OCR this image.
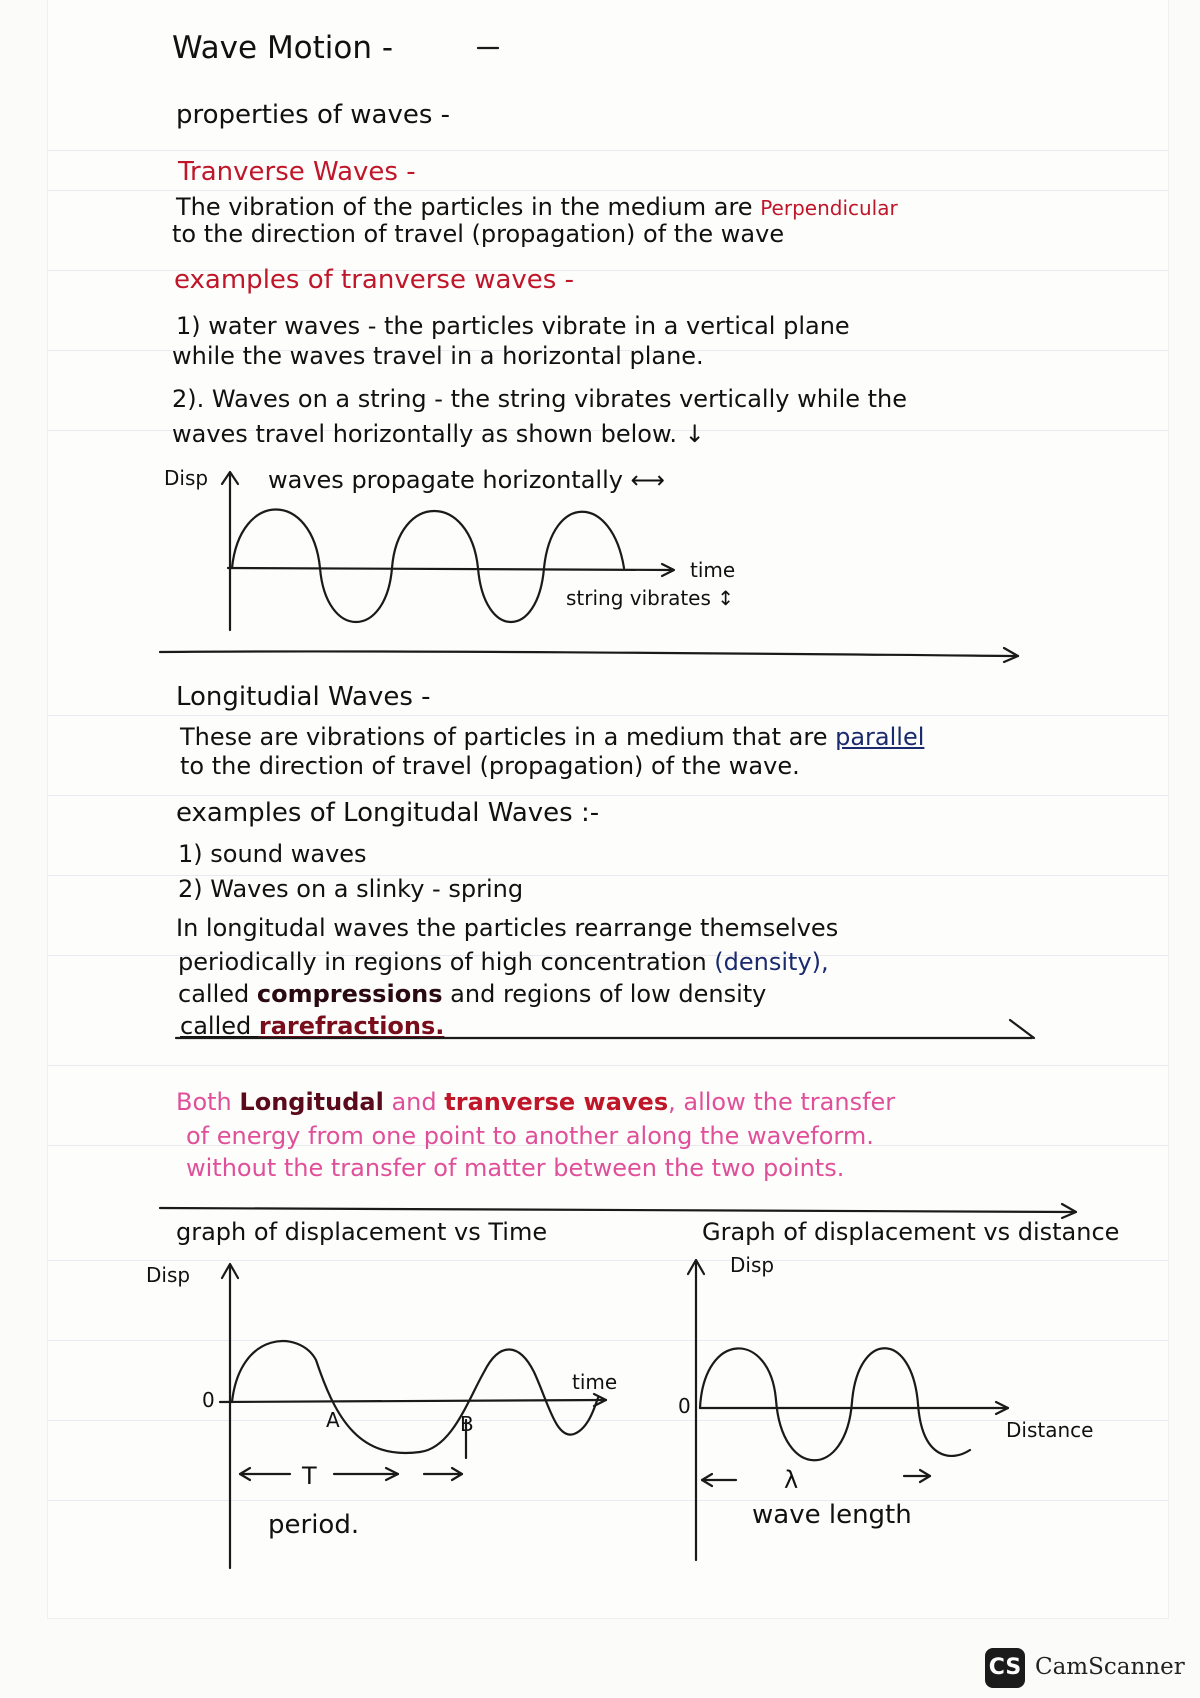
Wave Motion -
properties of waves -
Tranverse Waves -
The vibration of the particles in the medium are Perpendicular
to the direction of travel (propagation) of the wave
examples of tranverse waves -
1) water waves - the particles vibrate in a vertical plane
while the waves travel in a horizontal plane.
2). Waves on a string - the string vibrates vertically while the
waves travel horizontally as shown below. ↓
Disp waves propagate horizontally ⟷
time
string vibrates ↕
Longitudial Waves -
These are vibrations of particles in a medium that are parallel
to the direction of travel (propagation) of the wave.
examples of Longitudal Waves :-
1) sound waves
2) Waves on a slinky - spring
In longitudal waves the particles rearrange themselves
periodically in regions of high concentration (density),
called compressions and regions of low density
called rarefractions.
Both Longitudal and tranverse waves, allow the transfer
of energy from one point to another along the waveform.
without the transfer of matter between the two points.
graph of displacement vs Time	Graph of displacement vs distance
Disp
time
0
A	B
T
period.
Disp
Distance
0
λ
wave length
CS CamScanner
